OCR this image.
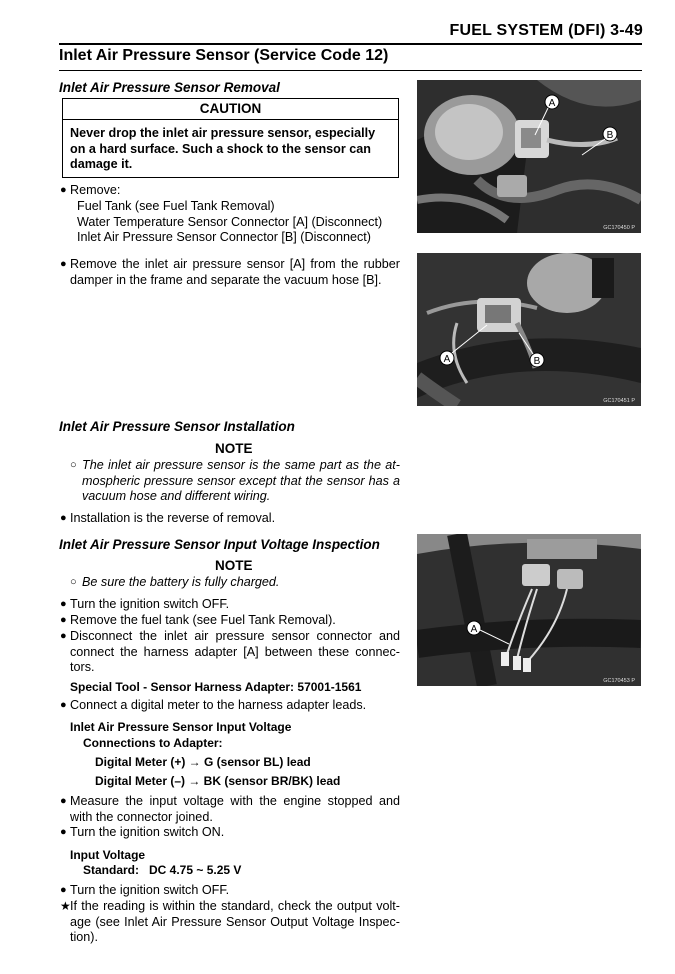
FUEL SYSTEM (DFI) 3-49
Inlet Air Pressure Sensor (Service Code 12)
Inlet Air Pressure Sensor Removal
CAUTION
Never drop the inlet air pressure sensor, especially on a hard surface. Such a shock to the sensor can damage it.
● Remove:
Fuel Tank (see Fuel Tank Removal)
Water Temperature Sensor Connector [A] (Disconnect)
Inlet Air Pressure Sensor Connector [B] (Disconnect)
● Remove the inlet air pressure sensor [A] from the rubber damper in the frame and separate the vacuum hose [B].
Inlet Air Pressure Sensor Installation
NOTE
○ The inlet air pressure sensor is the same part as the at-mospheric pressure sensor except that the sensor has a vacuum hose and different wiring.
● Installation is the reverse of removal.
Inlet Air Pressure Sensor Input Voltage Inspection
NOTE
○ Be sure the battery is fully charged.
● Turn the ignition switch OFF.
● Remove the fuel tank (see Fuel Tank Removal).
● Disconnect the inlet air pressure sensor connector and connect the harness adapter [A] between these connec-tors.
Special Tool - Sensor Harness Adapter: 57001-1561
● Connect a digital meter to the harness adapter leads.
Inlet Air Pressure Sensor Input Voltage
Connections to Adapter:
Digital Meter (+) → G (sensor BL) lead
Digital Meter (–) → BK (sensor BR/BK) lead
● Measure the input voltage with the engine stopped and with the connector joined.
● Turn the ignition switch ON.
Input Voltage
Standard:   DC 4.75 ~ 5.25 V
● Turn the ignition switch OFF.
★ If the reading is within the standard, check the output volt-age (see Inlet Air Pressure Sensor Output Voltage Inspec-tion).
A
B
GC170450 P
A	B
GC170451 P
A
GC170453 P
